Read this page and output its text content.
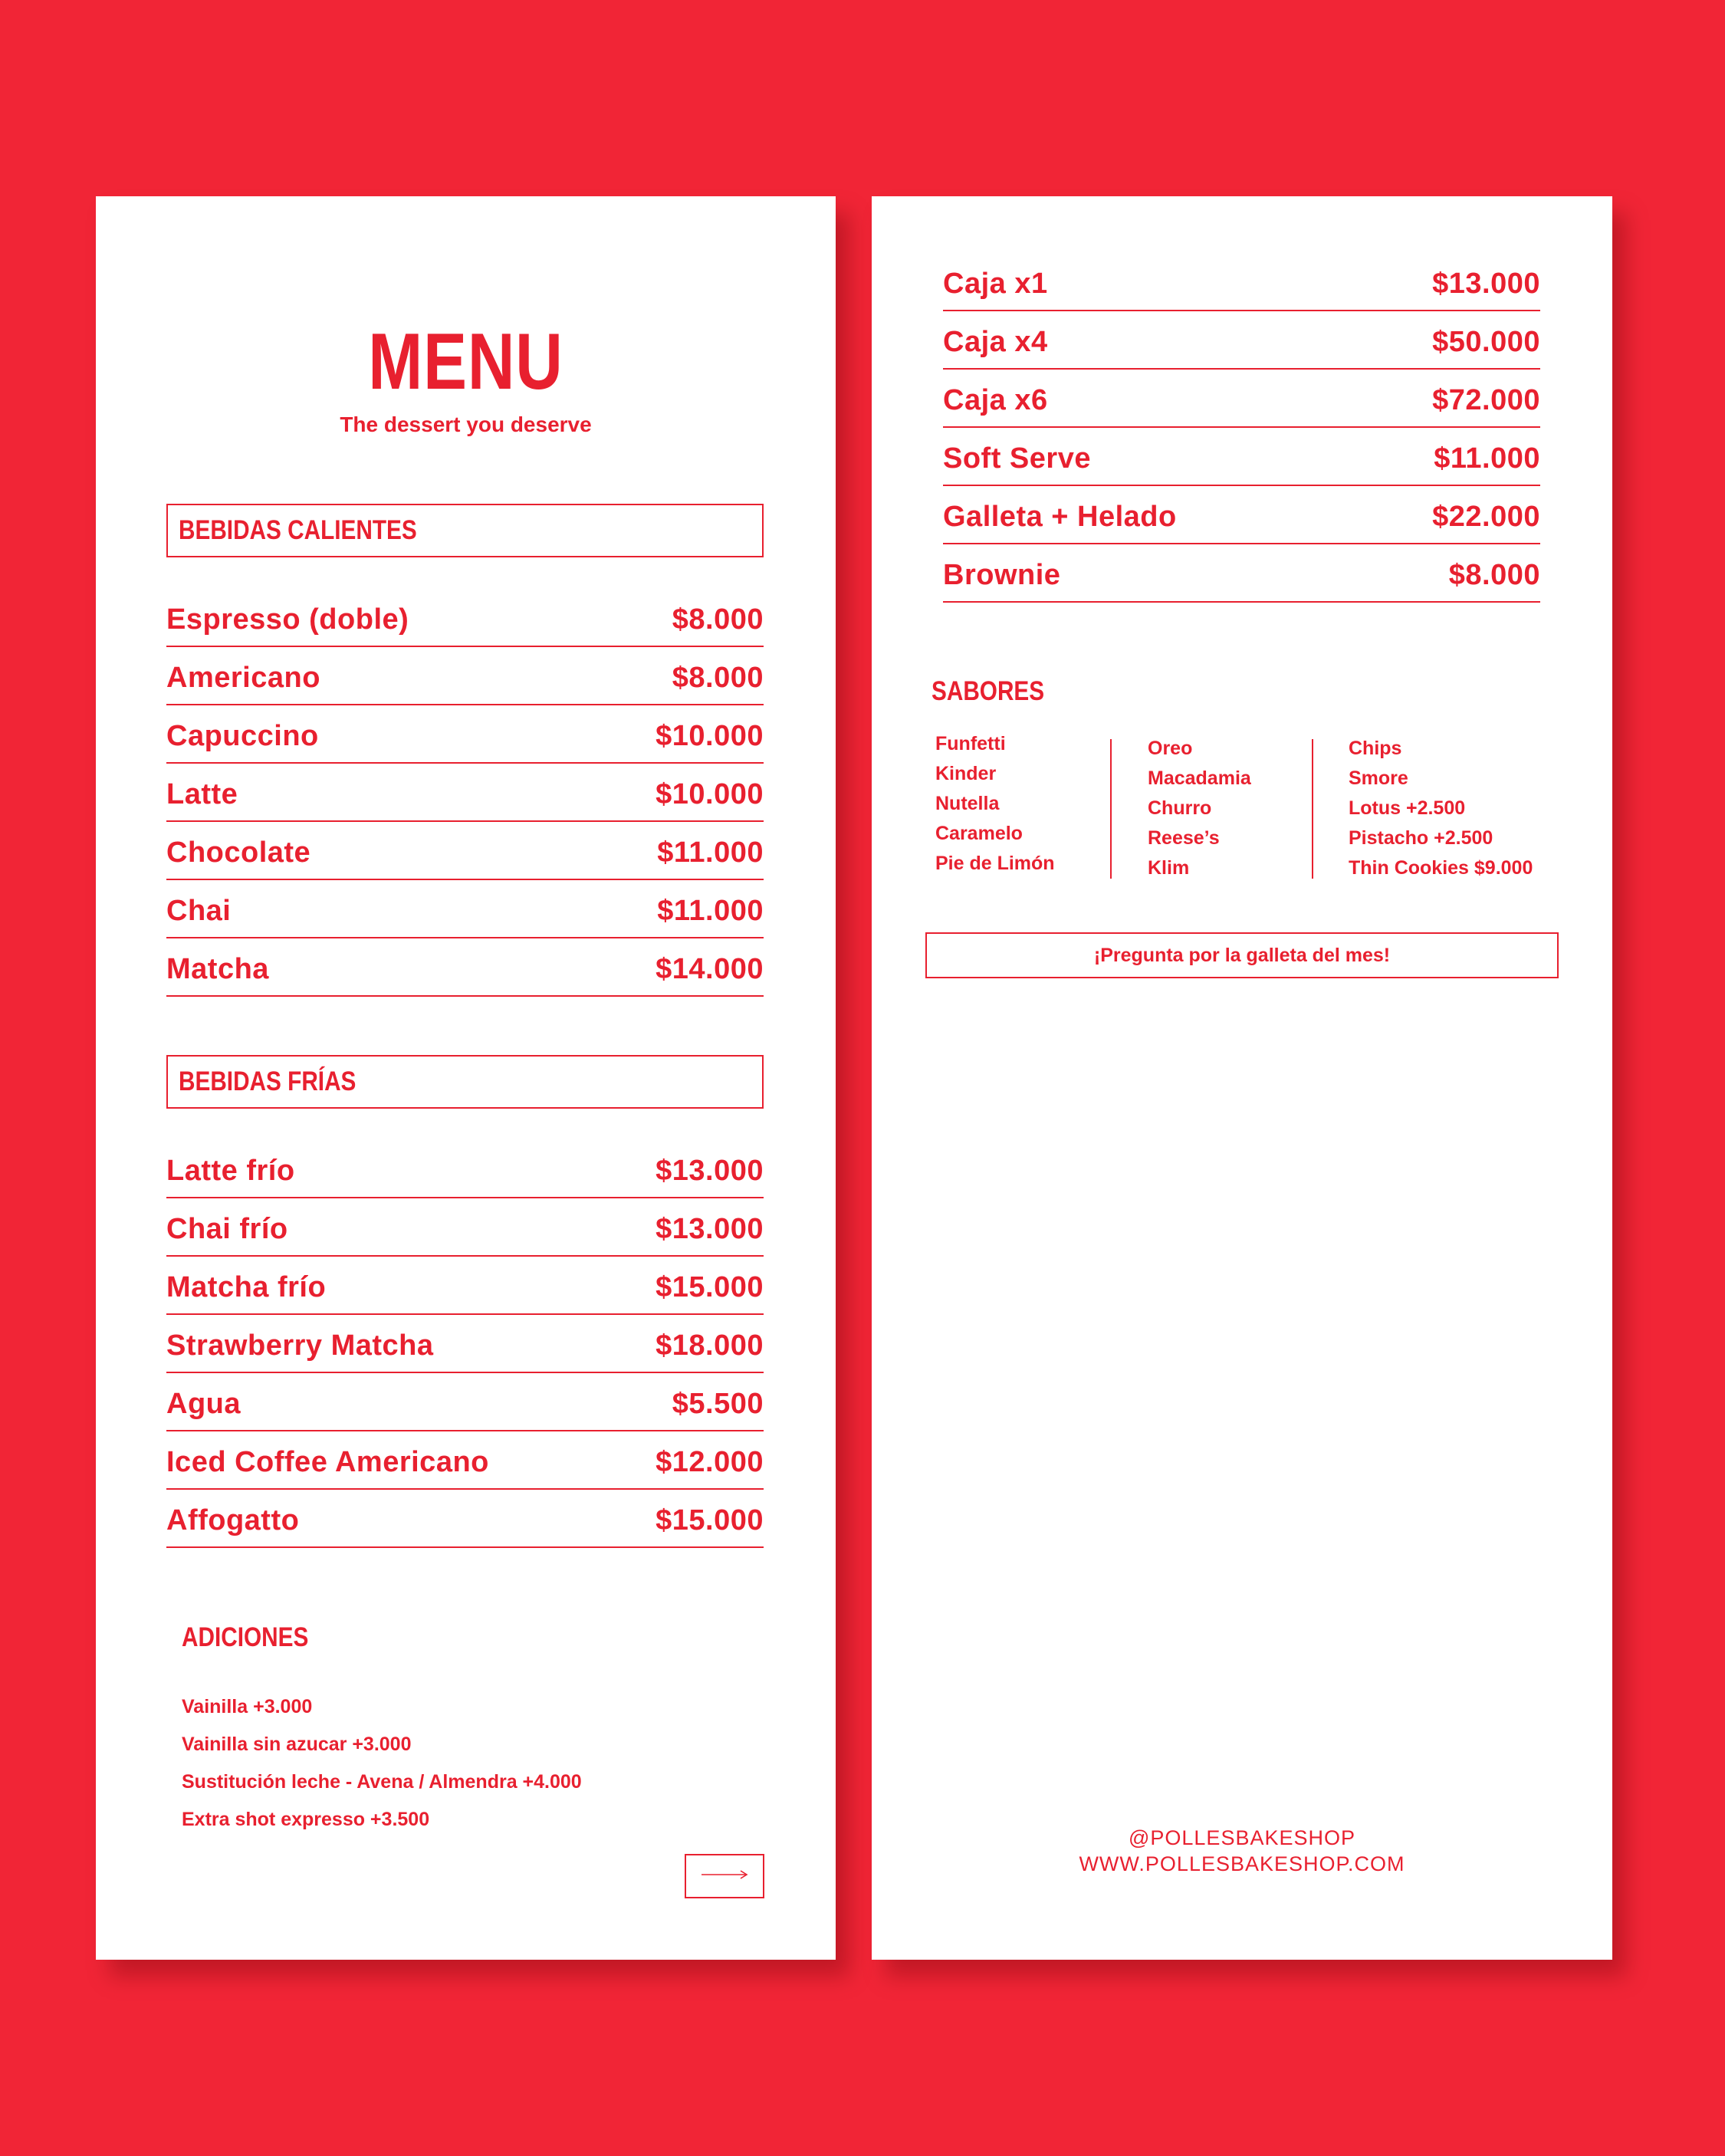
MENU
The dessert you deserve
BEBIDAS CALIENTES
Espresso (doble)	$8.000
Americano	$8.000
Capuccino	$10.000
Latte	$10.000
Chocolate	$11.000
Chai	$11.000
Matcha	$14.000
BEBIDAS FRÍAS
Latte frío	$13.000
Chai frío	$13.000
Matcha frío	$15.000
Strawberry Matcha	$18.000
Agua	$5.500
Iced Coffee Americano	$12.000
Affogatto	$15.000
ADICIONES
Vainilla +3.000
Vainilla sin azucar +3.000
Sustitución leche - Avena / Almendra +4.000
Extra shot expresso +3.500
Caja x1	$13.000
Caja x4	$50.000
Caja x6	$72.000
Soft Serve	$11.000
Galleta + Helado	$22.000
Brownie	$8.000
SABORES
Funfetti
Kinder
Nutella
Caramelo
Pie de Limón
Oreo
Macadamia
Churro
Reese’s
Klim
Chips
Smore
Lotus +2.500
Pistacho +2.500
Thin Cookies $9.000
¡Pregunta por la galleta del mes!
@POLLESBAKESHOP
WWW.POLLESBAKESHOP.COM
